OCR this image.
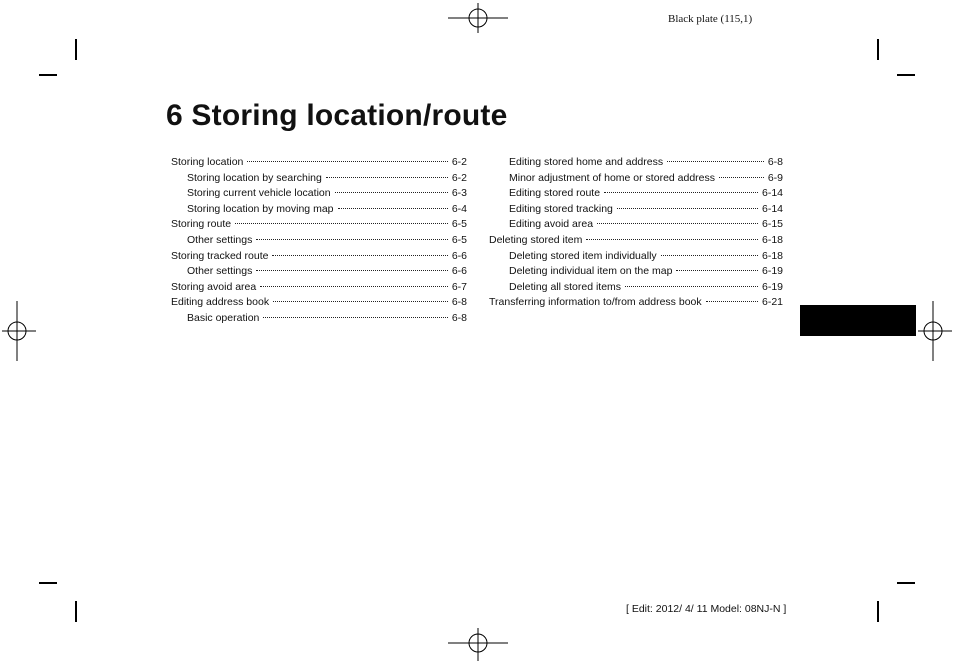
Black plate (115,1)
6 Storing location/route
Storing location	6-2
Storing location by searching	6-2
Storing current vehicle location	6-3
Storing location by moving map	6-4
Storing route	6-5
Other settings	6-5
Storing tracked route	6-6
Other settings	6-6
Storing avoid area	6-7
Editing address book	6-8
Basic operation	6-8
Editing stored home and address	6-8
Minor adjustment of home or stored address	6-9
Editing stored route	6-14
Editing stored tracking	6-14
Editing avoid area	6-15
Deleting stored item	6-18
Deleting stored item individually	6-18
Deleting individual item on the map	6-19
Deleting all stored items	6-19
Transferring information to/from address book	6-21
[ Edit: 2012/ 4/ 11 Model: 08NJ-N ]
